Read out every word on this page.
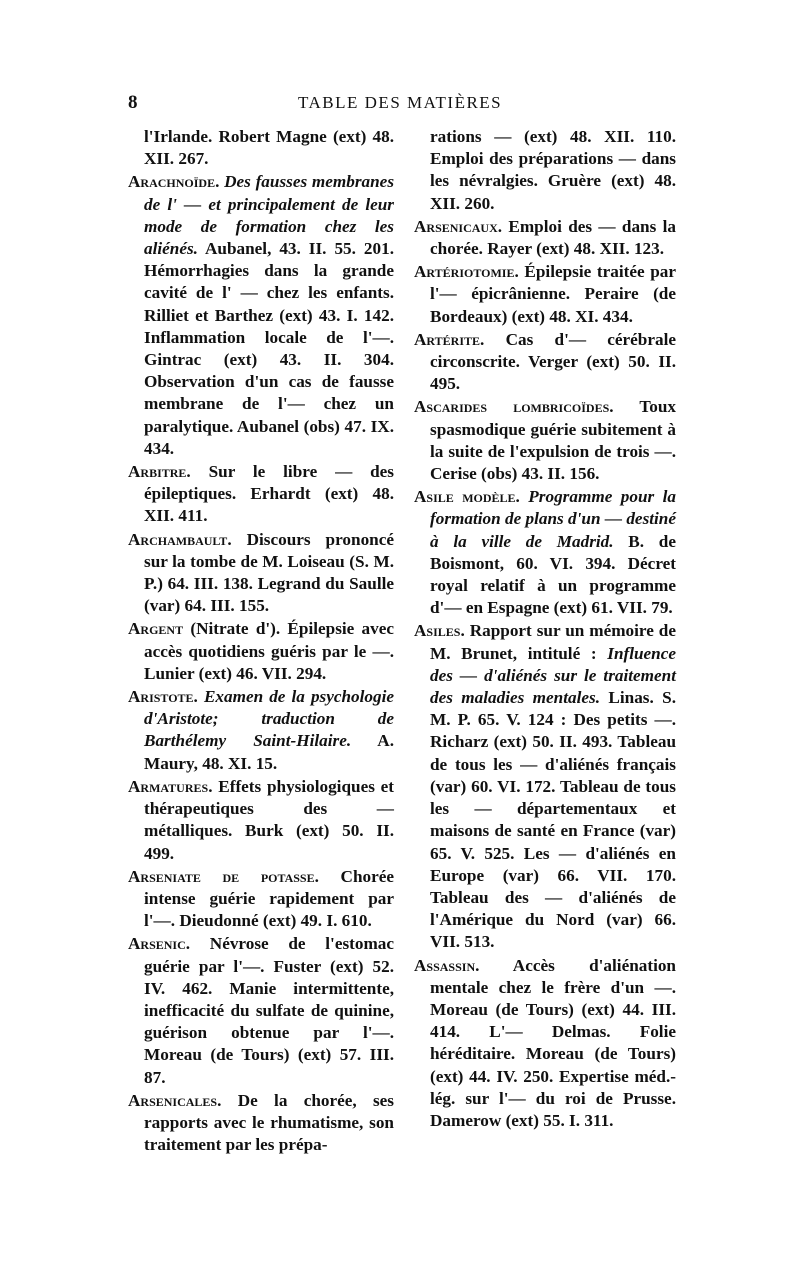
8	TABLE DES MATIÈRES

l'Irlande. Robert Magne (ext) 48. XII. 267.

Arachnoïde. Des fausses membranes de l' — et principalement de leur mode de formation chez les aliénés. Aubanel, 43. II. 55. 201. Hémorrhagies dans la grande cavité de l' — chez les enfants. Rilliet et Barthez (ext) 43. I. 142. Inflammation locale de l'—. Gintrac (ext) 43. II. 304. Observation d'un cas de fausse membrane de l'— chez un paralytique. Aubanel (obs) 47. IX. 434.

Arbitre. Sur le libre — des épileptiques. Erhardt (ext) 48. XII. 411.

Archambault. Discours prononcé sur la tombe de M. Loiseau (S. M. P.) 64. III. 138. Legrand du Saulle (var) 64. III. 155.

Argent (Nitrate d'). Épilepsie avec accès quotidiens guéris par le —. Lunier (ext) 46. VII. 294.

Aristote. Examen de la psychologie d'Aristote; traduction de Barthélemy Saint-Hilaire. A. Maury, 48. XI. 15.

Armatures. Effets physiologiques et thérapeutiques des — métalliques. Burk (ext) 50. II. 499.

Arseniate de potasse. Chorée intense guérie rapidement par l'—. Dieudonné (ext) 49. I. 610.

Arsenic. Névrose de l'estomac guérie par l'—. Fuster (ext) 52. IV. 462. Manie intermittente, inefficacité du sulfate de quinine, guérison obtenue par l'—. Moreau (de Tours) (ext) 57. III. 87.

Arsenicales. De la chorée, ses rapports avec le rhumatisme, son traitement par les prépa-

rations — (ext) 48. XII. 110. Emploi des préparations — dans les névralgies. Gruère (ext) 48. XII. 260.

Arsenicaux. Emploi des — dans la chorée. Rayer (ext) 48. XII. 123.

Artériotomie. Épilepsie traitée par l'— épicrânienne. Peraire (de Bordeaux) (ext) 48. XI. 434.

Artérite. Cas d'— cérébrale circonscrite. Verger (ext) 50. II. 495.

Ascarides lombricoïdes. Toux spasmodique guérie subitement à la suite de l'expulsion de trois —. Cerise (obs) 43. II. 156.

Asile modèle. Programme pour la formation de plans d'un — destiné à la ville de Madrid. B. de Boismont, 60. VI. 394. Décret royal relatif à un programme d'— en Espagne (ext) 61. VII. 79.

Asiles. Rapport sur un mémoire de M. Brunet, intitulé : Influence des — d'aliénés sur le traitement des maladies mentales. Linas. S. M. P. 65. V. 124 : Des petits —. Richarz (ext) 50. II. 493. Tableau de tous les — d'aliénés français (var) 60. VI. 172. Tableau de tous les — départementaux et maisons de santé en France (var) 65. V. 525. Les — d'aliénés en Europe (var) 66. VII. 170. Tableau des — d'aliénés de l'Amérique du Nord (var) 66. VII. 513.

Assassin. Accès d'aliénation mentale chez le frère d'un —. Moreau (de Tours) (ext) 44. III. 414. L'— Delmas. Folie héréditaire. Moreau (de Tours) (ext) 44. IV. 250. Expertise méd.-lég. sur l'— du roi de Prusse. Damerow (ext) 55. I. 311.
